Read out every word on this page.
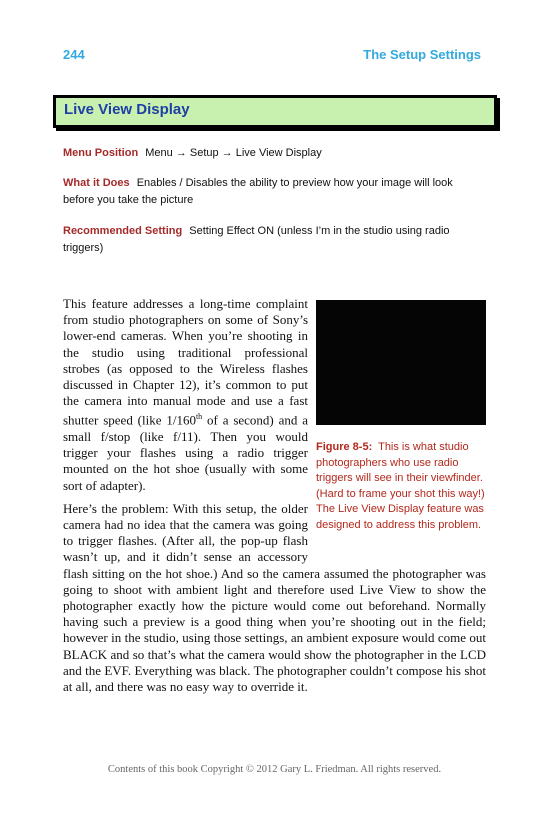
244	The Setup Settings
Live View Display
Menu Position Menu → Setup → Live View Display
What it Does Enables / Disables the ability to preview how your image will look before you take the picture
Recommended Setting Setting Effect ON (unless I’m in the studio using radio triggers)

This feature addresses a long-time complaint from studio photographers on some of Sony’s lower-end cameras. When you’re shooting in the studio using traditional professional strobes (as opposed to the Wireless flashes discussed in Chapter 12), it’s common to put the camera into manual mode and use a fast shutter speed (like 1/160th of a second) and a small f/stop (like f/11). Then you would trigger your flashes using a radio trigger mounted on the hot shoe (usually with some sort of adapter).

Here’s the problem: With this setup, the older camera had no idea that the camera was going to trigger flashes. (After all, the pop-up flash wasn’t up, and it didn’t sense an accessory flash sitting on the hot shoe.) And so the camera assumed the photographer was going to shoot with ambient light and therefore used Live View to show the photographer exactly how the picture would come out beforehand. Normally having such a preview is a good thing when you’re shooting out in the field; however in the studio, using those settings, an ambient exposure would come out BLACK and so that’s what the camera would show the photographer in the LCD and the EVF. Everything was black. The photographer couldn’t compose his shot at all, and there was no easy way to override it.

Figure 8-5: This is what studio photographers who use radio triggers will see in their viewfinder. (Hard to frame your shot this way!) The Live View Display feature was designed to address this problem.
Contents of this book Copyright © 2012 Gary L. Friedman. All rights reserved.
